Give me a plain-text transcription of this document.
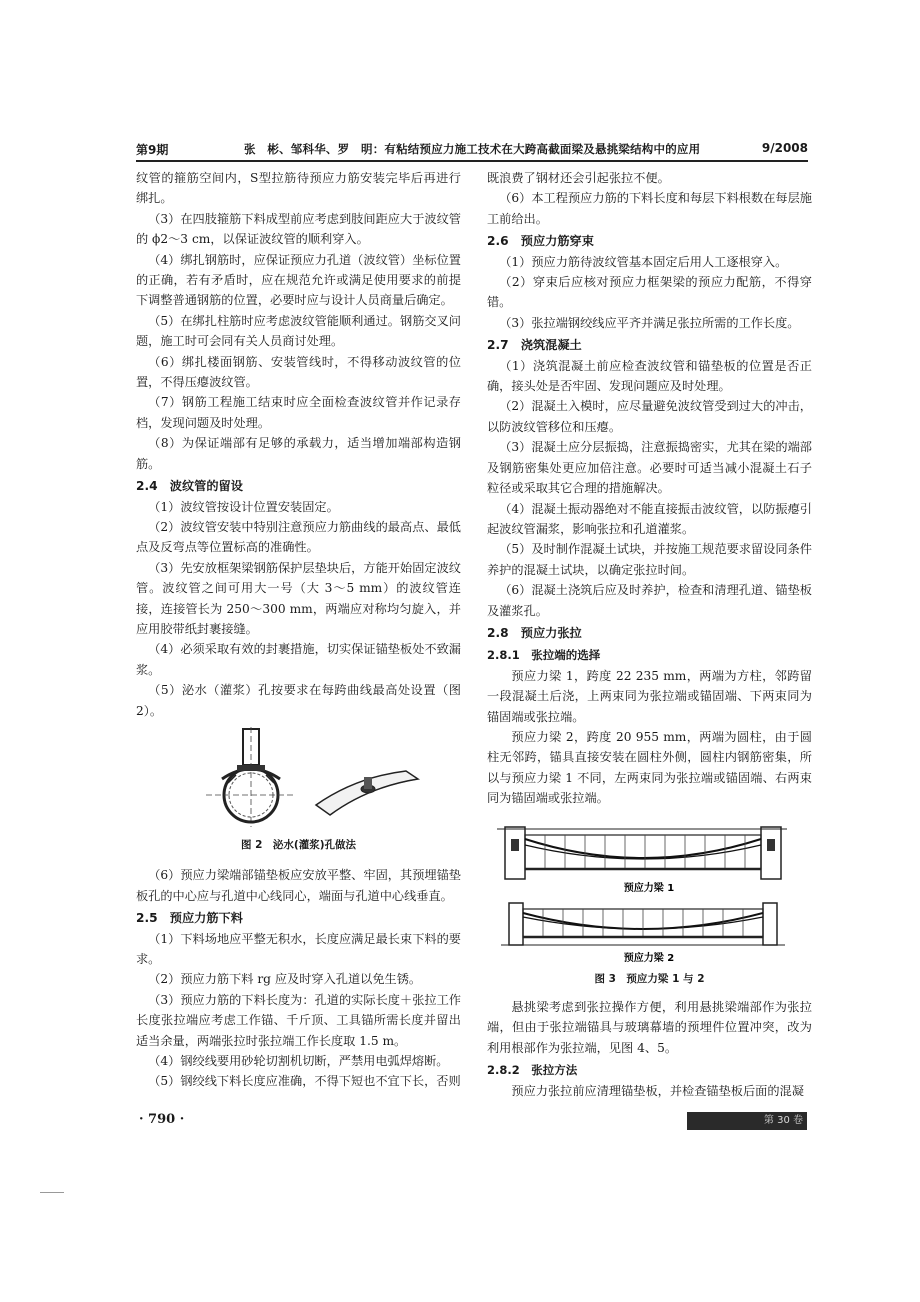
第9期	张　彬、邹科华、罗　明：有粘结预应力施工技术在大跨高截面梁及悬挑梁结构中的应用	9/2008

纹管的箍筋空间内，S型拉筋待预应力筋安装完毕后再进行绑扎。

（3）在四肢箍筋下料成型前应考虑到肢间距应大于波纹管的 ϕ2～3 cm，以保证波纹管的顺利穿入。

（4）绑扎钢筋时，应保证预应力孔道（波纹管）坐标位置的正确，若有矛盾时，应在规范允许或满足使用要求的前提下调整普通钢筋的位置，必要时应与设计人员商量后确定。

（5）在绑扎柱筋时应考虑波纹管能顺利通过。钢筋交叉问题，施工时可会同有关人员商讨处理。

（6）绑扎楼面钢筋、安装管线时，不得移动波纹管的位置，不得压瘪波纹管。

（7）钢筋工程施工结束时应全面检查波纹管并作记录存档，发现问题及时处理。

（8）为保证端部有足够的承载力，适当增加端部构造钢筋。

2.4　波纹管的留设

（1）波纹管按设计位置安装固定。

（2）波纹管安装中特别注意预应力筋曲线的最高点、最低点及反弯点等位置标高的准确性。

（3）先安放框架梁钢筋保护层垫块后，方能开始固定波纹管。波纹管之间可用大一号（大 3～5 mm）的波纹管连接，连接管长为 250～300 mm，两端应对称均匀旋入，并应用胶带纸封裹接缝。

（4）必须采取有效的封裹措施，切实保证锚垫板处不致漏浆。

（5）泌水（灌浆）孔按要求在每跨曲线最高处设置（图 2）。

图 2　泌水(灌浆)孔做法

（6）预应力梁端部锚垫板应安放平整、牢固，其预埋锚垫板孔的中心应与孔道中心线同心，端面与孔道中心线垂直。

2.5　预应力筋下料

（1）下料场地应平整无积水，长度应满足最长束下料的要求。

（2）预应力筋下料 rg 应及时穿入孔道以免生锈。

（3）预应力筋的下料长度为：孔道的实际长度＋张拉工作长度张拉端应考虑工作锚、千斤顶、工具锚所需长度并留出适当余量，两端张拉时张拉端工作长度取 1.5 m。

（4）钢绞线要用砂轮切割机切断，严禁用电弧焊熔断。

（5）钢绞线下料长度应准确，不得下短也不宜下长，否则

既浪费了钢材还会引起张拉不便。

（6）本工程预应力筋的下料长度和每层下料根数在每层施工前给出。

2.6　预应力筋穿束

（1）预应力筋待波纹管基本固定后用人工逐根穿入。

（2）穿束后应核对预应力框架梁的预应力配筋，不得穿错。

（3）张拉端钢绞线应平齐并满足张拉所需的工作长度。

2.7　浇筑混凝土

（1）浇筑混凝土前应检查波纹管和锚垫板的位置是否正确，接头处是否牢固、发现问题应及时处理。

（2）混凝土入模时，应尽量避免波纹管受到过大的冲击，以防波纹管移位和压瘪。

（3）混凝土应分层振捣，注意振捣密实，尤其在梁的端部及钢筋密集处更应加倍注意。必要时可适当减小混凝土石子粒径或采取其它合理的措施解决。

（4）混凝土振动器绝对不能直接振击波纹管，以防振瘪引起波纹管漏浆，影响张拉和孔道灌浆。

（5）及时制作混凝土试块，并按施工规范要求留设同条件养护的混凝土试块，以确定张拉时间。

（6）混凝土浇筑后应及时养护，检查和清理孔道、锚垫板及灌浆孔。

2.8　预应力张拉

2.8.1　张拉端的选择

预应力梁 1，跨度 22 235 mm，两端为方柱，邻跨留一段混凝土后浇，上两束同为张拉端或锚固端、下两束同为锚固端或张拉端。

预应力梁 2，跨度 20 955 mm，两端为圆柱，由于圆柱无邻跨，锚具直接安装在圆柱外侧，圆柱内钢筋密集，所以与预应力梁 1 不同，左两束同为张拉端或锚固端、右两束同为锚固端或张拉端。

预应力梁 1
预应力梁 2
图 3　预应力梁 1 与 2

悬挑梁考虑到张拉操作方便，利用悬挑梁端部作为张拉端，但由于张拉端锚具与玻璃幕墙的预埋件位置冲突，改为利用根部作为张拉端，见图 4、5。

2.8.2　张拉方法

预应力张拉前应清理锚垫板，并检查锚垫板后面的混凝

· 790 ·	第 30 卷
